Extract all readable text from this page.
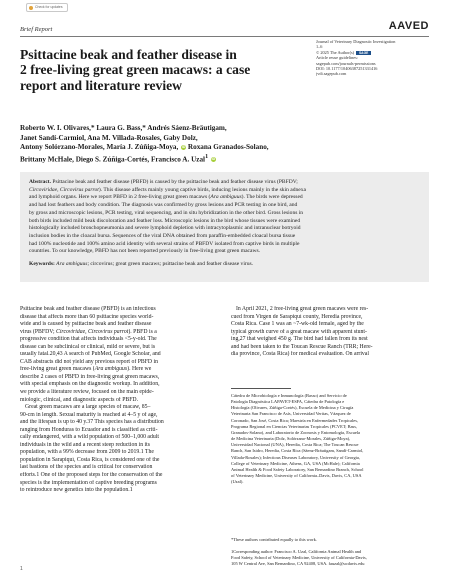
Check for updates
Brief Report	AAVED
Journal of Veterinary Diagnostic Investigation
1–6
© 2025 The Author(s) SAGE
Article reuse guidelines:
sagepub.com/journals-permissions
DOI: 10.1177/10406387251331416
jvdi.sagepub.com
Psittacine beak and feather disease in
2 free-living great green macaws: a case
report and literature review
Roberto W. I. Olivares,* Laura G. Bass,* Andrés Sáenz-Bräutigam,
Janet Sandí-Carmiol, Ana M. Villada-Rosales, Gaby Dolz,
Antony Solórzano-Morales, María J. Zúñiga-Moya, iD Roxana Granados-Solano,
Brittany McHale, Diego S. Zúñiga-Cortés, Francisco A. Uzal$^1$ iD
Abstract. Psittacine beak and feather disease (PBFD) is caused by the psittacine beak and feather disease virus (PBFDV;
Circoviridae, Circovirus parrot). This disease affects mainly young captive birds, inducing lesions mainly in the skin adnexa
and lymphoid organs. Here we report PBFD in 2 free-living great green macaws (Ara ambiguus). The birds were depressed
and had lost feathers and body condition. The diagnosis was confirmed by gross lesions and PCR testing in one bird, and
by gross and microscopic lesions, PCR testing, viral sequencing, and in situ hybridization in the other bird. Gross lesions in
both birds included mild beak discoloration and feather loss. Microscopic lesions in the bird whose tissues were examined
histologically included bronchopneumonia and severe lymphoid depletion with intracytoplasmic and intranuclear botryoid
inclusion bodies in the cloacal bursa. Sequences of the viral DNA obtained from paraffin-embedded cloacal bursa tissue
had 100% nucleotide and 100% amino acid identity with several strains of PBFDV isolated from captive birds in multiple
countries. To our knowledge, PBFD has not been reported previously in free-living great green macaws.
Keywords: Ara ambiguus; circovirus; great green macaws; psittacine beak and feather disease virus.
Psittacine beak and feather disease (PBFD) is an infectious
disease that affects more than 60 psittacine species world-
wide and is caused by psittacine beak and feather disease
virus (PBFDV; Circoviridae, Circovirus parrot). PBFD is a
progressive condition that affects individuals <5-y-old. The
disease can be subclinical or clinical, mild or severe, but is
usually fatal.20,43 A search of PubMed, Google Scholar, and
CAB abstracts did not yield any previous report of PBFD in
free-living great green macaws (Ara ambiguus). Here we
describe 2 cases of PBFD in free-living great green macaws,
with special emphasis on the diagnostic workup. In addition,
we provide a literature review, focused on the main epide-
miologic, clinical, and diagnostic aspects of PBFD.
Great green macaws are a large species of macaw, 85–
90-cm in length. Sexual maturity is reached at 4–5 y of age,
and the lifespan is up to 40 y.37 This species has a distribution
ranging from Honduras to Ecuador and is classified as criti-
cally endangered, with a wild population of 500–1,000 adult
individuals in the wild and a recent steep reduction in its
population, with a 99% decrease from 2009 to 2019.1 The
population in Sarapiquí, Costa Rica, is considered one of the
last bastions of the species and is critical for conservation
efforts.1 One of the proposed steps for the conservation of the
species is the implementation of captive breeding programs
to reintroduce new genetics into the population.1
In April 2021, 2 free-living great green macaws were res-
cued from Virgen de Sarapiquí county, Heredia province,
Costa Rica. Case 1 was an ~7-wk-old female, aged by the
typical growth curve of a great macaw with apparent stunt-
ing,27 that weighed 450 g. The bird had fallen from its nest
and had been taken to the Toucan Rescue Ranch (TRR; Here-
dia province, Costa Rica) for medical evaluation. On arrival
Cátedra de Microbiología e Inmunología (Basso) and Servicio de
Patología Diagnóstica LAPAVET-ESFA, Cátedra de Patología e
Histología (Olivares, Zúñiga-Cortés), Escuela de Medicina y Cirugía
Veterinaria San Francisco de Asís, Universidad Veritas, Vázquez de
Coronado, San José, Costa Rica; Maestría en Enfermedades Tropicales,
Programa Regional en Ciencias Veterinarias Tropicales (PCVET; Bass,
Granados-Solano), and Laboratorio de Zoonosis y Entomología, Escuela
de Medicina Veterinaria (Dolz, Solórzano-Morales, Zúñiga-Moya),
Universidad Nacional (UNA), Heredia, Costa Rica; The Toucan Rescue
Ranch, San Isidro, Heredia, Costa Rica (Sáenz-Bräutigam, Sandí-Carmiol,
Villada-Rosales); Infectious Diseases Laboratory, University of Georgia,
College of Veterinary Medicine, Athens, GA, USA (McHale); California
Animal Health & Food Safety Laboratory, San Bernardino Branch, School
of Veterinary Medicine, University of California–Davis, Davis, CA, USA
(Uzal).
*These authors contributed equally to this work.
1Corresponding author: Francisco A. Uzal, California Animal Health and
Food Safety, School of Veterinary Medicine, University of California-Davis,
105 W Central Ave, San Bernardino, CA 92408, USA. fauzal@ucdavis.edu
1
